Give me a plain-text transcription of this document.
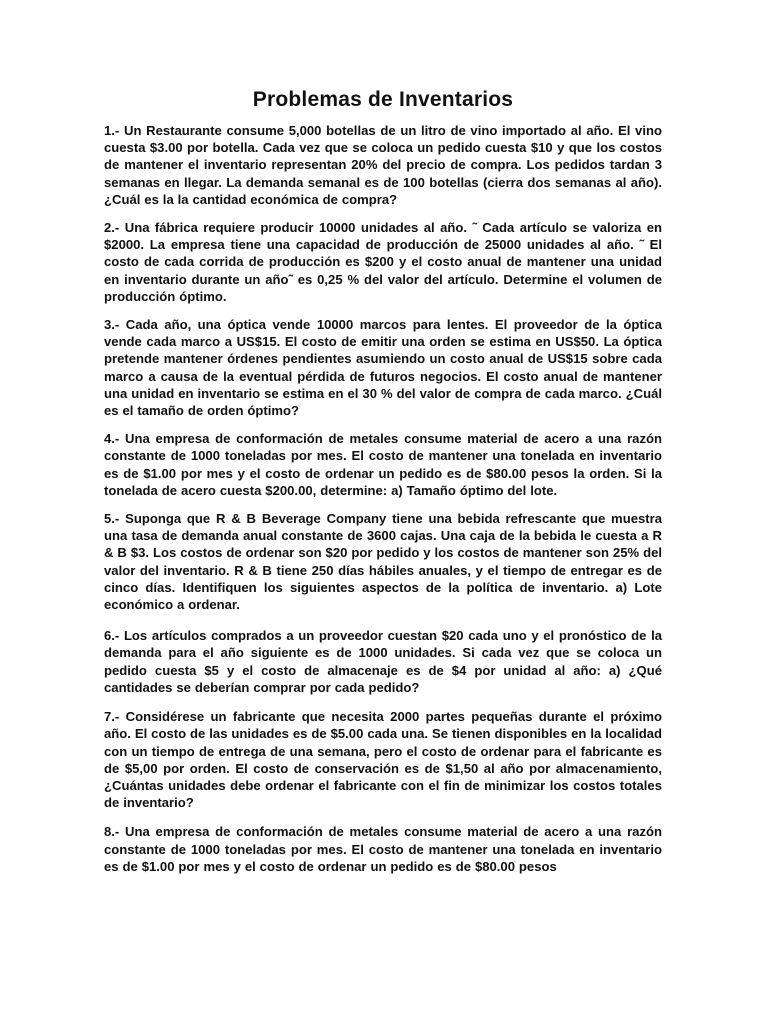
Problemas de Inventarios

1.- Un Restaurante consume 5,000 botellas de un litro de vino importado al año. El vino cuesta $3.00 por botella. Cada vez que se coloca un pedido cuesta $10 y que los costos de mantener el inventario representan 20% del precio de compra. Los pedidos tardan 3 semanas en llegar. La demanda semanal es de 100 botellas (cierra dos semanas al año). ¿Cuál es la la cantidad económica de compra?

2.- Una fábrica requiere producir 10000 unidades al año. ˜ Cada artículo se valoriza en $2000. La empresa tiene una capacidad de producción de 25000 unidades al año. ˜ El costo de cada corrida de producción es $200 y el costo anual de mantener una unidad en inventario durante un año˜ es 0,25 % del valor del artículo. Determine el volumen de producción óptimo.

3.- Cada año, una óptica vende 10000 marcos para lentes. El proveedor de la óptica vende cada marco a US$15. El costo de emitir una orden se estima en US$50. La óptica pretende mantener órdenes pendientes asumiendo un costo anual de US$15 sobre cada marco a causa de la eventual pérdida de futuros negocios. El costo anual de mantener una unidad en inventario se estima en el 30 % del valor de compra de cada marco. ¿Cuál es el tamaño de orden óptimo?

4.- Una empresa de conformación de metales consume material de acero a una razón constante de 1000 toneladas por mes. El costo de mantener una tonelada en inventario es de $1.00 por mes y el costo de ordenar un pedido es de $80.00 pesos la orden. Si la tonelada de acero cuesta $200.00, determine: a) Tamaño óptimo del lote.

5.- Suponga que R & B Beverage Company tiene una bebida refrescante que muestra una tasa de demanda anual constante de 3600 cajas. Una caja de la bebida le cuesta a R & B $3. Los costos de ordenar son $20 por pedido y los costos de mantener son 25% del valor del inventario. R & B tiene 250 días hábiles anuales, y el tiempo de entregar es de cinco días. Identifiquen los siguientes aspectos de la política de inventario. a) Lote económico a ordenar.

6.- Los artículos comprados a un proveedor cuestan $20 cada uno y el pronóstico de la demanda para el año siguiente es de 1000 unidades. Si cada vez que se coloca un pedido cuesta $5 y el costo de almacenaje es de $4 por unidad al año: a) ¿Qué cantidades se deberían comprar por cada pedido?

7.- Considérese un fabricante que necesita 2000 partes pequeñas durante el próximo año. El costo de las unidades es de $5.00 cada una. Se tienen disponibles en la localidad con un tiempo de entrega de una semana, pero el costo de ordenar para el fabricante es de $5,00 por orden. El costo de conservación es de $1,50 al año por almacenamiento, ¿Cuántas unidades debe ordenar el fabricante con el fin de minimizar los costos totales de inventario?

8.- Una empresa de conformación de metales consume material de acero a una razón constante de 1000 toneladas por mes. El costo de mantener una tonelada en inventario es de $1.00 por mes y el costo de ordenar un pedido es de $80.00 pesos
